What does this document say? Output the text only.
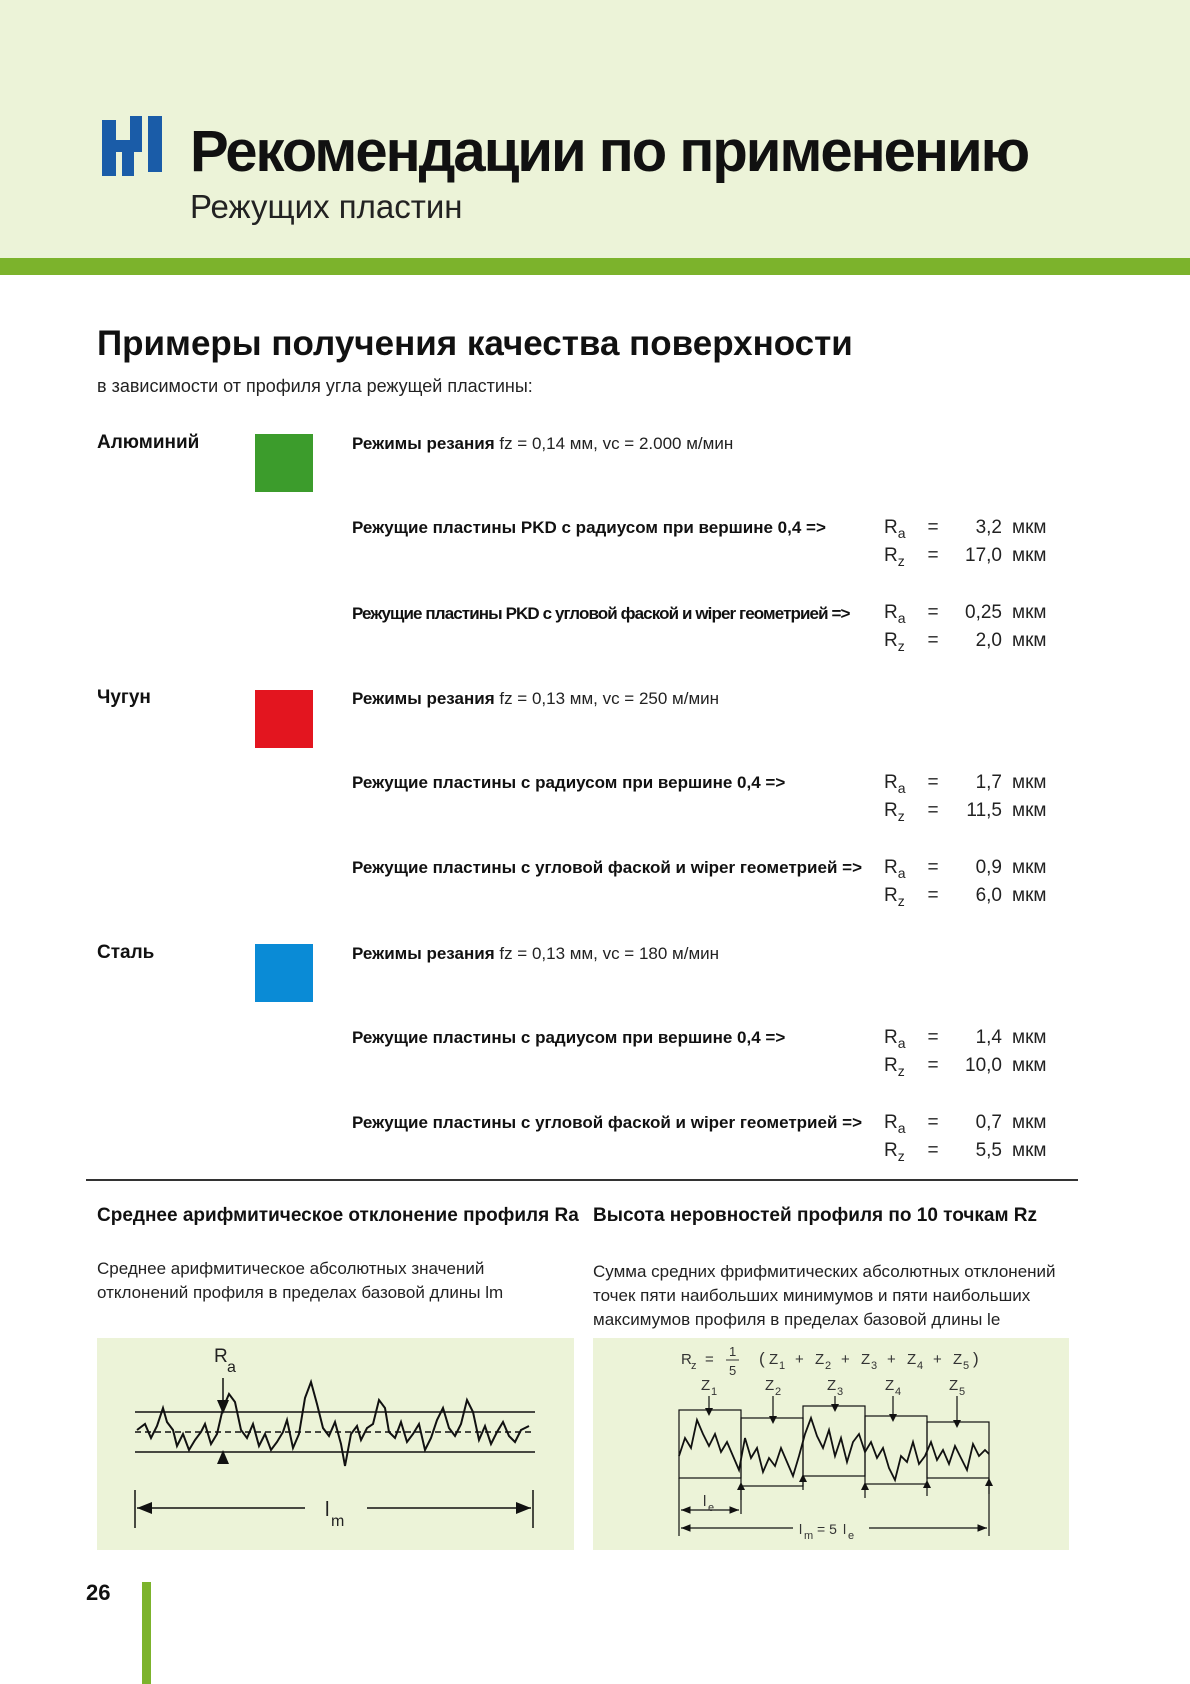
Рекомендации по применению
Режущих пластин
Примеры получения качества поверхности
в зависимости от профиля угла режущей пластины:
Алюминий	Режимы резания fz = 0,14 мм, vc = 2.000 м/мин
Режущие пластины PKD с радиусом при вершине 0,4 =>	$R_a = 3,2$ мкм
$R_z = 17,0$ мкм
Режущие пластины PKD с угловой фаской и wiper геометрией => $R_a = 0,25$ мкм
$R_z = 2,0$ мкм
Чугун	Режимы резания fz = 0,13 мм, vc = 250 м/мин
Режущие пластины с радиусом при вершине 0,4 =>	$R_a = 1,7$ мкм
$R_z = 11,5$ мкм
Режущие пластины с угловой фаской и wiper геометрией => $R_a = 0,9$ мкм
$R_z = 6,0$ мкм
Сталь	Режимы резания fz = 0,13 мм, vc = 180 м/мин
Режущие пластины с радиусом при вершине 0,4 =>	$R_a = 1,4$ мкм
$R_z = 10,0$ мкм
Режущие пластины с угловой фаской и wiper геометрией => $R_a = 0,7$ мкм
$R_z = 5,5$ мкм
Среднее арифмитическое отклонение профиля Ra
Среднее арифмитическое абсолютных значений отклонений профиля в пределах базовой длины lm
R
a
l
m
Высота неровностей профиля по 10 точкам Rz
Сумма средних фрифмитических абсолютных отклонений точек пяти наибольших минимумов и пяти наибольших максимумов профиля в пределах базовой длины le
R z = 1
5
( Z 1 + Z 2 + Z 3 + Z 4 + Z 5 )
Z 1	Z 2	Z 3	Z 4	Z 5
l e
l m = 5 l e
26
